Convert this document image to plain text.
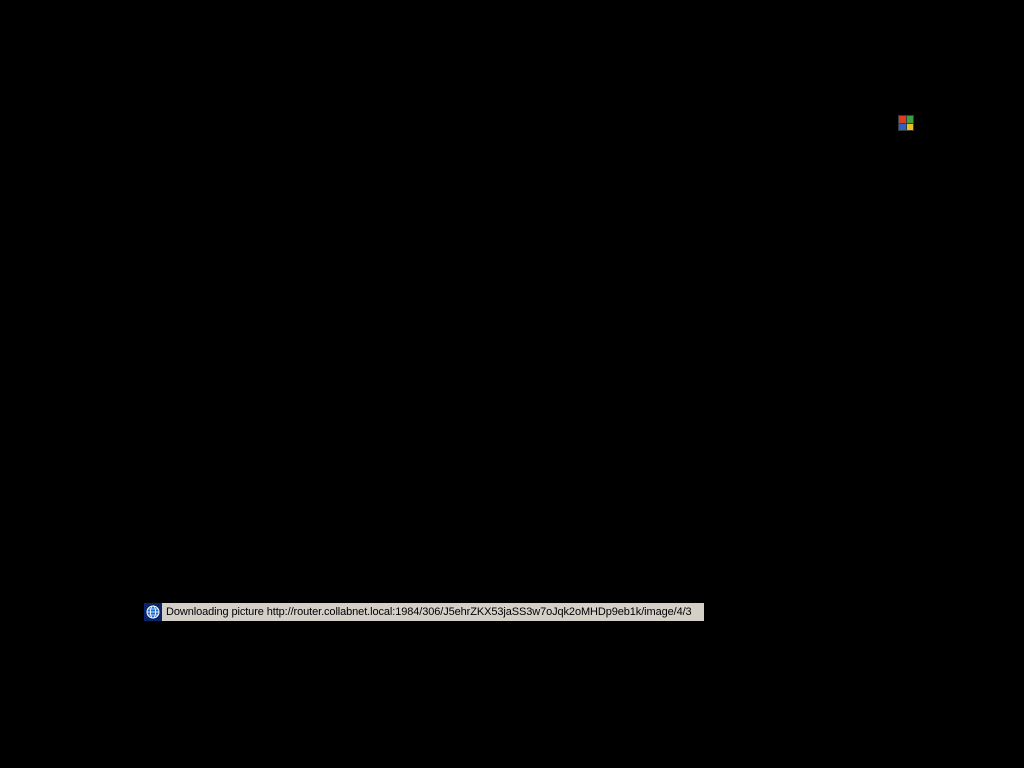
Downloading picture http://router.collabnet.local:1984/306/J5ehrZKX53jaSS3w7oJqk2oMHDp9eb1k/image/4/3
